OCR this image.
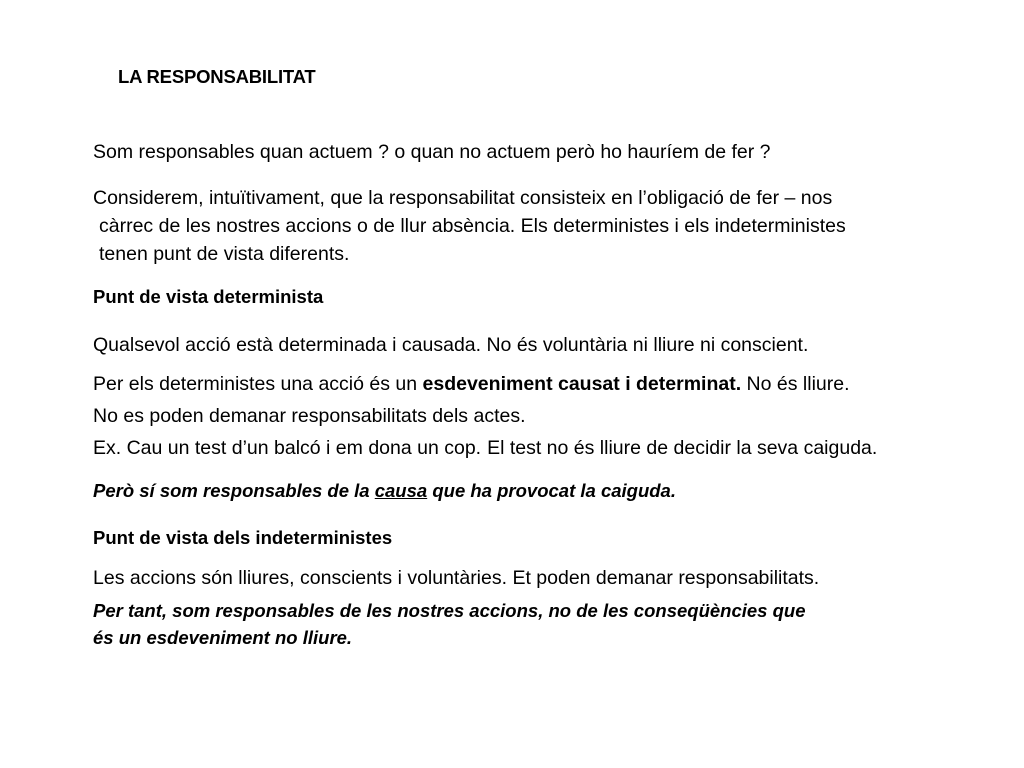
LA RESPONSABILITAT

Som responsables quan actuem ? o quan no actuem però ho hauríem de fer ?

Considerem, intuïtivament, que la responsabilitat consisteix en l’obligació de fer – nos

càrrec de les nostres accions o de llur absència. Els deterministes i els indeterministes

tenen punt de vista diferents.

Punt de vista determinista

Qualsevol acció està determinada i causada. No és voluntària ni lliure ni conscient.

Per els deterministes una acció és un esdeveniment causat i determinat. No és lliure.

No es poden demanar responsabilitats dels actes.

Ex. Cau un test d’un balcó i em dona un cop. El test no és lliure de decidir la seva caiguda.

Però sí som responsables de la causa que ha provocat la caiguda.

Punt de vista dels indeterministes

Les accions són lliures, conscients i voluntàries. Et poden demanar responsabilitats.

Per tant, som responsables de les nostres accions, no de les conseqüències que

és un esdeveniment no lliure.
